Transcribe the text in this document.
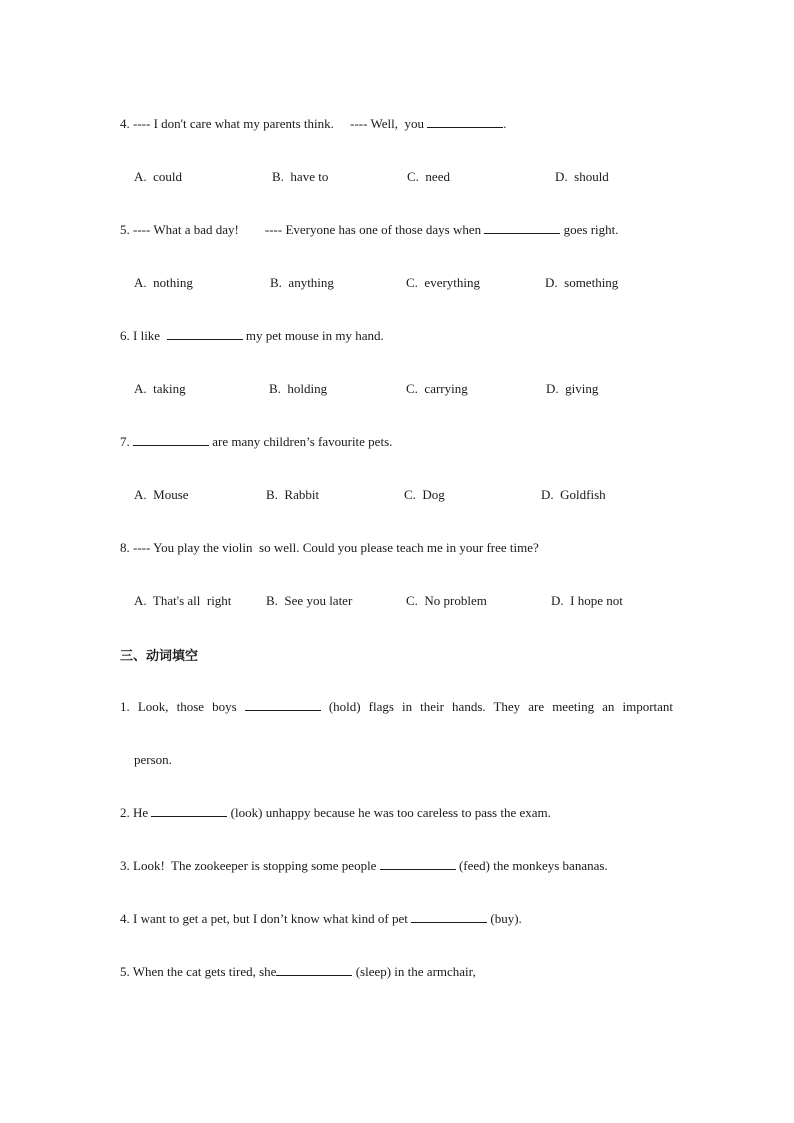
4. ---- I don't care what my parents think.     ---- Well,  you	.
A.  could	B.  have to	C.  need	D.  should
5. ---- What a bad day!        ---- Everyone has one of those days when	goes right.
A.  nothing	B.  anything	C.  everything	D.  something
6. I like	my pet mouse in my hand.
A.  taking	B.  holding	C.  carrying	D.  giving
7.	are many children’s favourite pets.
A.  Mouse	B.  Rabbit	C.  Dog	D.  Goldfish
8. ---- You play the violin  so well. Could you please teach me in your free time?
A.  That's all  right	B.  See you later	C.  No problem	D.  I hope not
三、动词填空
1. Look, those boys	(hold) flags in their hands. They are meeting an important
person.
2. He	(look) unhappy because he was too careless to pass the exam.
3. Look!  The zookeeper is stopping some people	(feed) the monkeys bananas.
4. I want to get a pet, but I don’t know what kind of pet	(buy).
5. When the cat gets tired, she	(sleep) in the armchair,
